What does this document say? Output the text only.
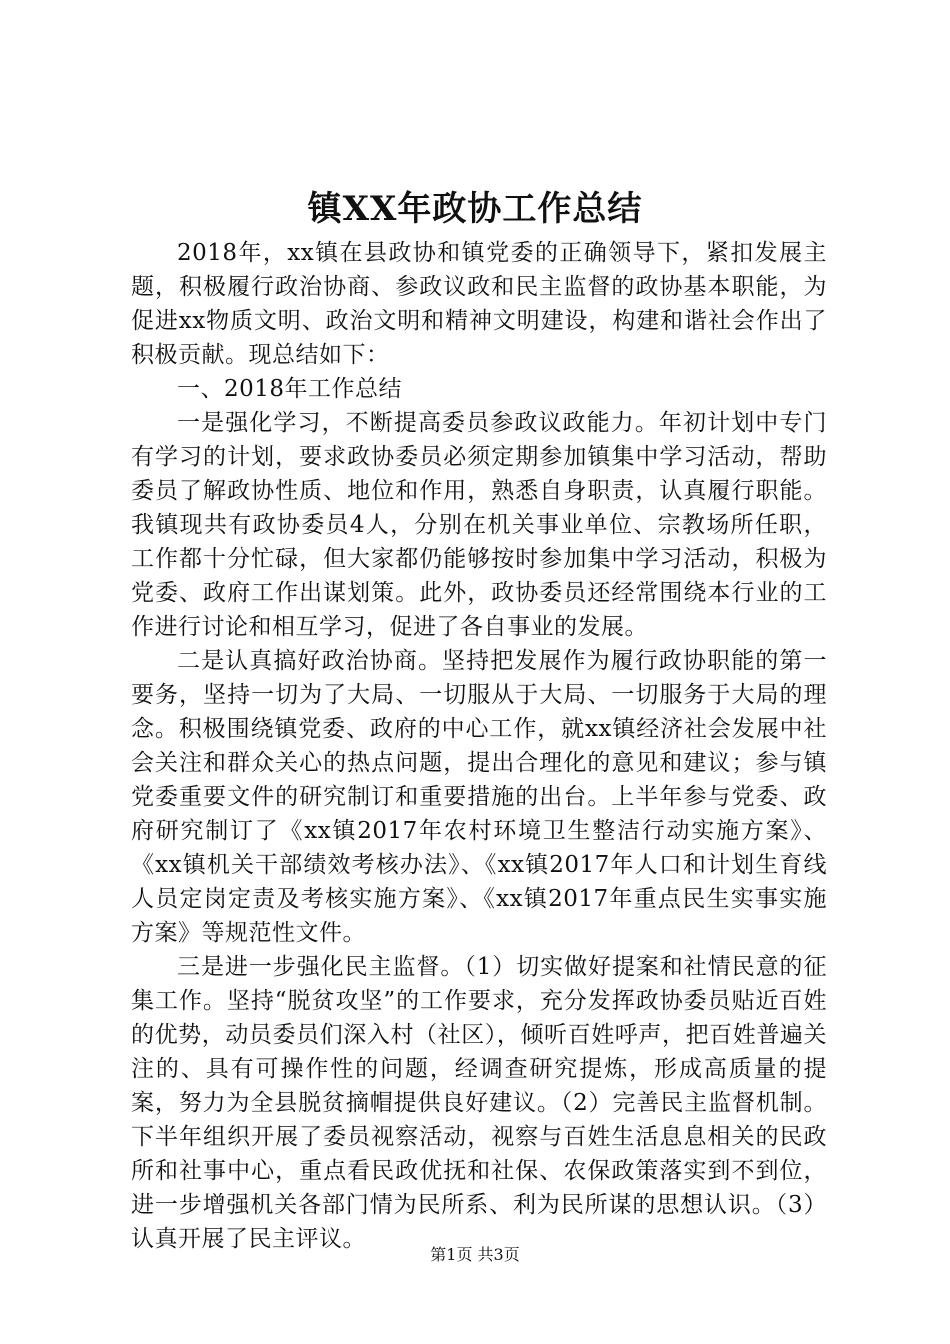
镇XX年政协工作总结

2018年，xx镇在县政协和镇党委的正确领导下，紧扣发展主题，积极履行政治协商、参政议政和民主监督的政协基本职能，为促进xx物质文明、政治文明和精神文明建设，构建和谐社会作出了积极贡献。现总结如下：

一、2018年工作总结

一是强化学习，不断提高委员参政议政能力。年初计划中专门有学习的计划，要求政协委员必须定期参加镇集中学习活动，帮助委员了解政协性质、地位和作用，熟悉自身职责，认真履行职能。我镇现共有政协委员4人，分别在机关事业单位、宗教场所任职，工作都十分忙碌，但大家都仍能够按时参加集中学习活动，积极为党委、政府工作出谋划策。此外，政协委员还经常围绕本行业的工作进行讨论和相互学习，促进了各自事业的发展。

二是认真搞好政治协商。坚持把发展作为履行政协职能的第一要务，坚持一切为了大局、一切服从于大局、一切服务于大局的理念。积极围绕镇党委、政府的中心工作，就xx镇经济社会发展中社会关注和群众关心的热点问题，提出合理化的意见和建议；参与镇党委重要文件的研究制订和重要措施的出台。上半年参与党委、政府研究制订了《xx镇2017年农村环境卫生整洁行动实施方案》、《xx镇机关干部绩效考核办法》、《xx镇2017年人口和计划生育线人员定岗定责及考核实施方案》、《xx镇2017年重点民生实事实施方案》等规范性文件。

三是进一步强化民主监督。（1）切实做好提案和社情民意的征集工作。坚持“脱贫攻坚”的工作要求，充分发挥政协委员贴近百姓的优势，动员委员们深入村（社区），倾听百姓呼声，把百姓普遍关注的、具有可操作性的问题，经调查研究提炼，形成高质量的提案，努力为全县脱贫摘帽提供良好建议。（2）完善民主监督机制。下半年组织开展了委员视察活动，视察与百姓生活息息相关的民政所和社事中心，重点看民政优抚和社保、农保政策落实到不到位，进一步增强机关各部门情为民所系、利为民所谋的思想认识。（3）认真开展了民主评议。

第1页 共3页
